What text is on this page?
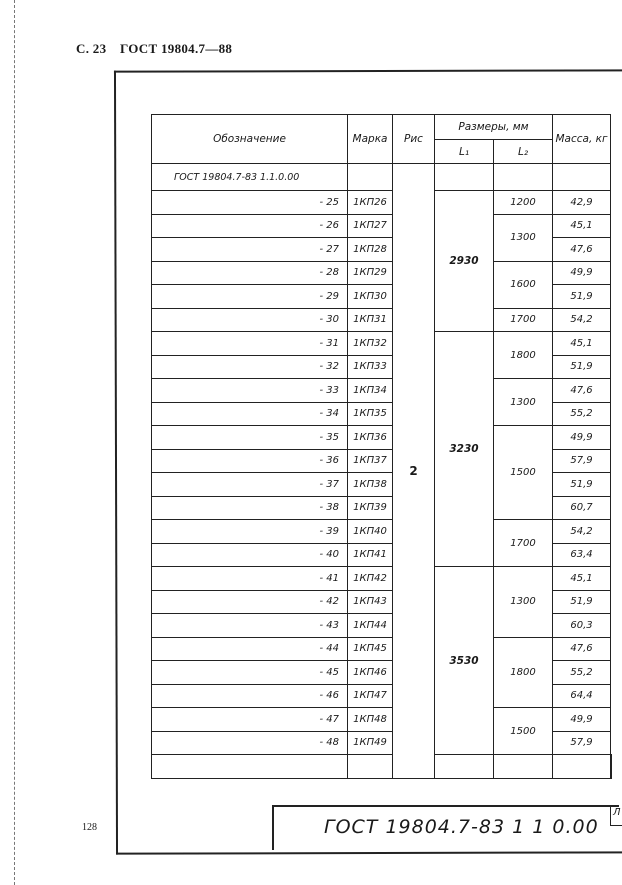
С. 23 ГОСТ 19804.7—88
Обозначение	Марка	Рис	Размеры, мм		Масса, кг	
			L₁	L₂		
ГОСТ 19804.7-83 1.1.0.00		2				
- 25	1КП26		2930	1200	42,9	
- 26	1КП27			1300	45,1	
- 27	1КП28				47,6	
- 28	1КП29			1600	49,9	
- 29	1КП30				51,9	
- 30	1КП31			1700	54,2	
- 31	1КП32		3230	1800	45,1	
- 32	1КП33				51,9	
- 33	1КП34			1300	47,6	
- 34	1КП35				55,2	
- 35	1КП36			1500	49,9	
- 36	1КП37				57,9	
- 37	1КП38				51,9	
- 38	1КП39				60,7	
- 39	1КП40			1700	54,2	
- 40	1КП41				63,4	
- 41	1КП42		3530	1300	45,1	
- 42	1КП43				51,9	
- 43	1КП44				60,3	
- 44	1КП45			1800	47,6	
- 45	1КП46				55,2	
- 46	1КП47				64,4	
- 47	1КП48			1500	49,9	
- 48	1КП49				57,9	

ГОСТ 19804.7-83 1 1 0.00
Л
128
